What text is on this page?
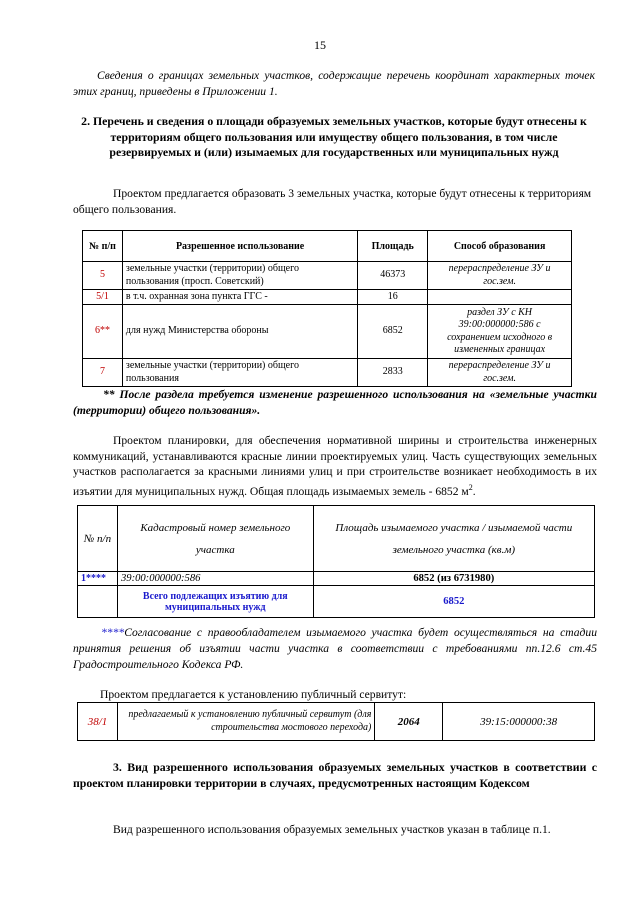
15
Сведения о границах земельных участков, содержащие перечень координат характерных точек этих границ, приведены в Приложении 1.
2. Перечень и сведения о площади образуемых земельных участков, которые будут отнесены к территориям общего пользования или имуществу общего пользования, в том числе резервируемых и (или) изымаемых для государственных или муниципальных нужд
Проектом предлагается образовать 3 земельных участка, которые будут отнесены к территориям общего пользования.
№ п/п	Разрешенное использование	Площадь	Способ образования
5	земельные участки (территории) общего пользования (просп. Советский)	46373	перераспределение ЗУ и гос.зем.
5/1	в т.ч. охранная зона пункта ГГС -	16	
6**	для нужд Министерства обороны	6852	раздел ЗУ с КН 39:00:000000:586 с сохранением исходного в измененных границах
7	земельные участки (территории) общего пользования	2833	перераспределение ЗУ и гос.зем.
** После раздела требуется изменение разрешенного использования на «земельные участки (территории) общего пользования».
Проектом планировки, для обеспечения нормативной ширины и строительства инженерных коммуникаций, устанавливаются красные линии проектируемых улиц. Часть существующих земельных участков располагается за красными линиями улиц и при строительстве возникает необходимость в их изъятии для муниципальных нужд. Общая площадь изымаемых земель - 6852 $м^2$.
№ п/п	Кадастровый номер земельного участка	Площадь изымаемого участка / изымаемой части земельного участка (кв.м)
1****	39:00:000000:586	6852 (из 6731980)
	Всего подлежащих изъятию для муниципальных нужд	6852
****Согласование с правообладателем изымаемого участка будет осуществляться на стадии принятия решения об изъятии части участка в соответствии с требованиями пп.12.6 ст.45 Градостроительного Кодекса РФ.
Проектом предлагается к установлению публичный сервитут:
38/1	предлагаемый к установлению публичный сервитут (для строительства мостового перехода)	2064	39:15:000000:38
3. Вид разрешенного использования образуемых земельных участков в соответствии с проектом планировки территории в случаях, предусмотренных настоящим Кодексом
Вид разрешенного использования образуемых земельных участков указан в таблице п.1.
